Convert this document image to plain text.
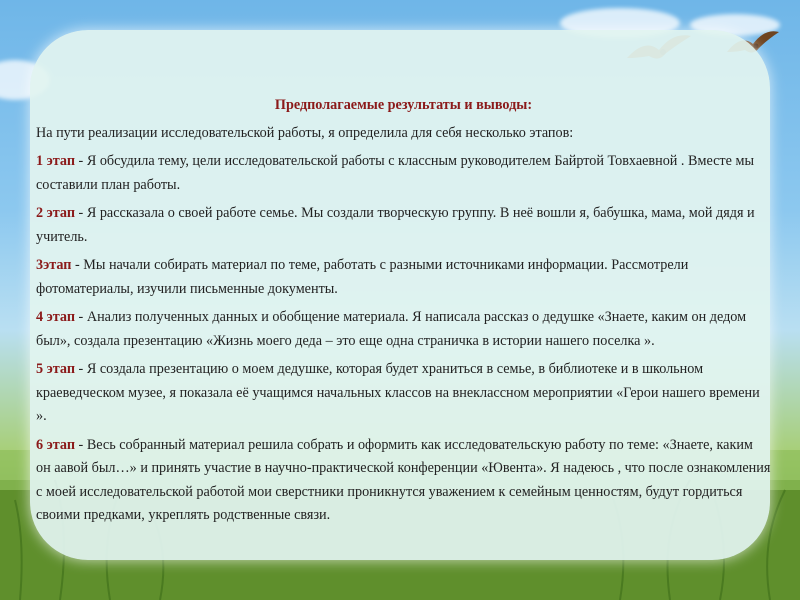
Предполагаемые результаты и выводы:

На пути реализации исследовательской работы, я определила для себя несколько этапов:

1 этап - Я обсудила тему, цели исследовательской работы с классным руководителем Байртой Товхаевной . Вместе мы составили план работы.

2 этап - Я рассказала о своей работе семье. Мы создали творческую группу. В неё вошли я, бабушка, мама, мой дядя и учитель.

3этап - Мы начали собирать материал по теме, работать с разными источниками информации. Рассмотрели фотоматериалы, изучили письменные документы.

4 этап - Анализ полученных данных и обобщение материала. Я написала рассказ о дедушке «Знаете, каким он дедом был», создала презентацию «Жизнь моего деда – это еще одна страничка в истории нашего поселка ».

5 этап - Я создала презентацию о моем дедушке, которая будет храниться в семье, в библиотеке и в школьном краеведческом музее, я показала её учащимся начальных классов на внеклассном мероприятии «Герои нашего времени ».

6 этап - Весь собранный материал решила собрать и оформить как исследовательскую работу по теме: «Знаете, каким он аавой был…» и принять участие в научно-практической конференции «Ювента». Я надеюсь , что после ознакомления с моей исследовательской работой мои сверстники проникнутся уважением к семейным ценностям, будут гордиться своими предками, укреплять родственные связи.
